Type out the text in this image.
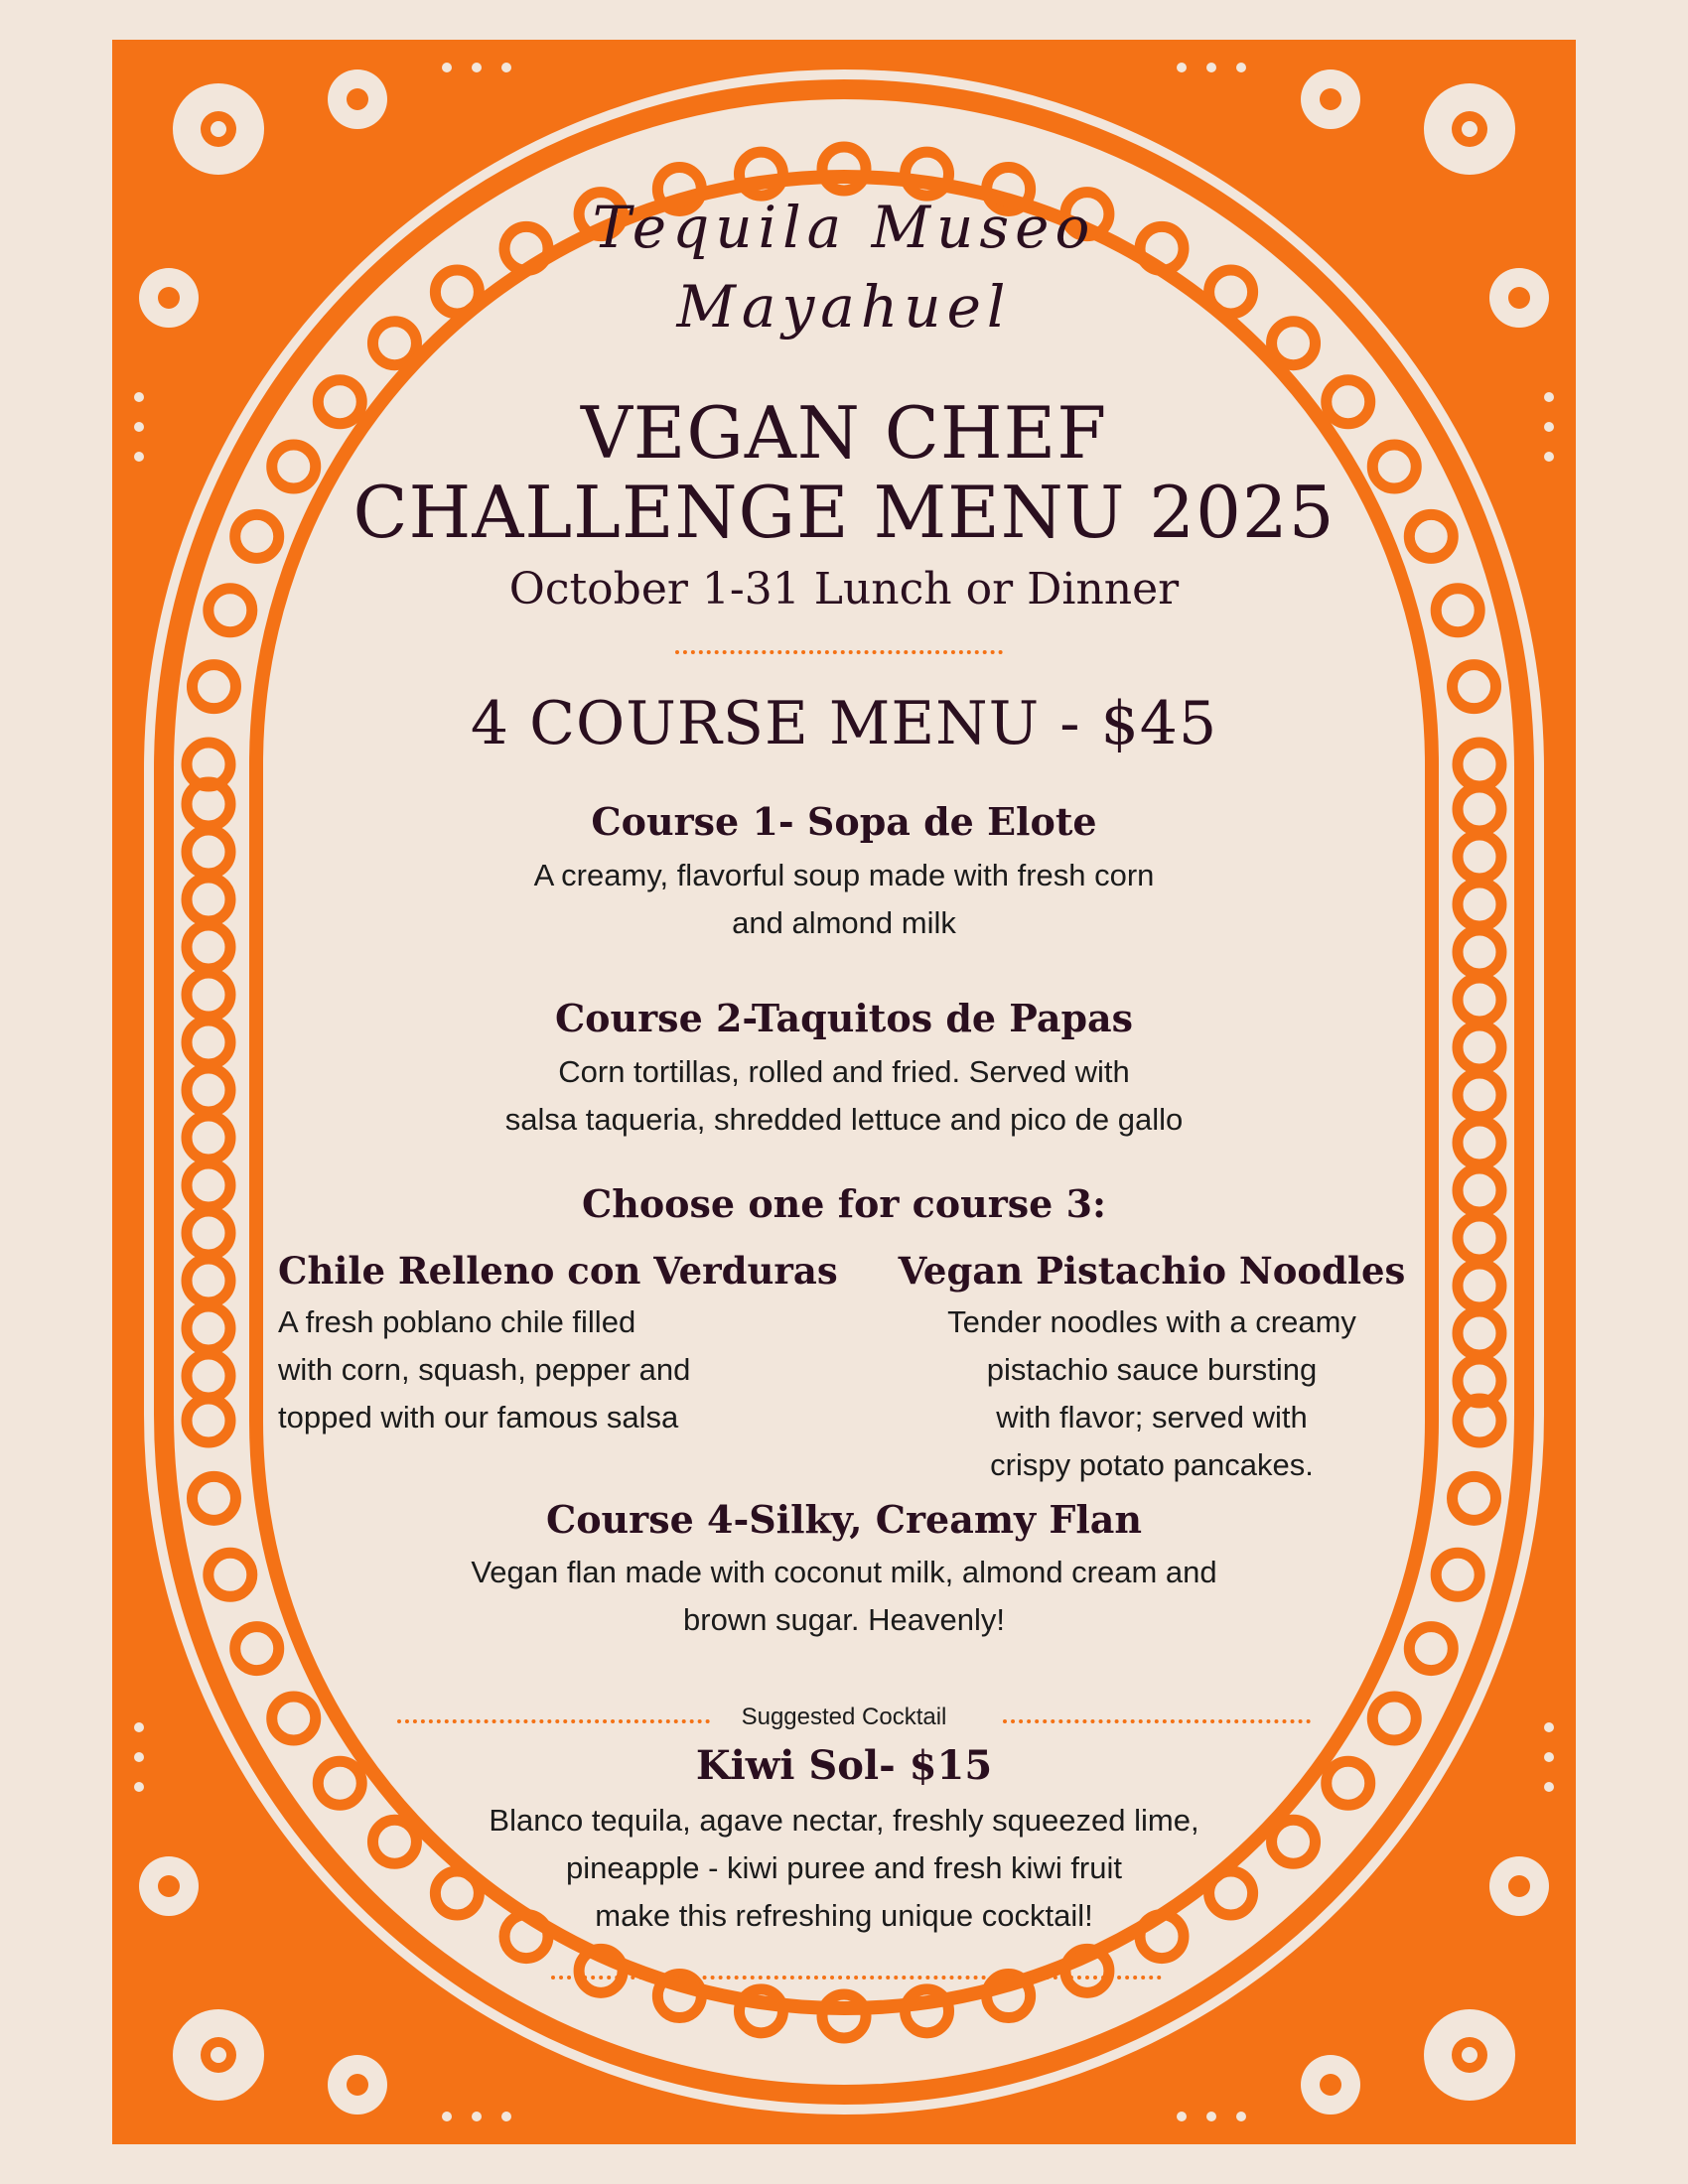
Tequila Museo
Mayahuel
VEGAN CHEF
CHALLENGE MENU 2025
October 1-31 Lunch or Dinner
4 COURSE MENU - $45
Course 1- Sopa de Elote
A creamy, flavorful soup made with fresh corn
and almond milk
Course 2-Taquitos de Papas
Corn tortillas, rolled and fried. Served with
salsa taqueria, shredded lettuce and pico de gallo
Choose one for course 3:
Chile Relleno con Verduras
A fresh poblano chile filled
with corn, squash, pepper and
topped with our famous salsa
Vegan Pistachio Noodles
Tender noodles with a creamy
pistachio sauce bursting
with flavor; served with
crispy potato pancakes.
Course 4-Silky, Creamy Flan
Vegan flan made with coconut milk, almond cream and
brown sugar. Heavenly!
Suggested Cocktail
Kiwi Sol- $15
Blanco tequila, agave nectar, freshly squeezed lime,
pineapple - kiwi puree and fresh kiwi fruit
make this refreshing unique cocktail!
